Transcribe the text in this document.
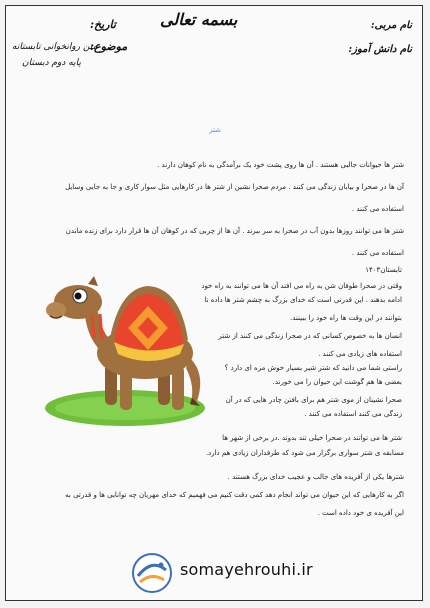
بسمه تعالی	نام مربی:
نام دانش آموز:
تاریخ:
موضوع:
متن روانخوانی تابستانه
پایه دوم دبستان
شتر
شتر ها حیوانات جالبی هستند . آن ها روی پشت خود یک برآمدگی به نام کوهان دارند .
آن ها در صحرا و بیابان زندگی می کنند . مردم صحرا نشین از شتر ها در کارهایی مثل سوار کاری و جا به جایی وسایل
استفاده می کنند .
شتر ها می توانند روزها بدون آب در صحرا به سر ببرند . آن ها از چربی که در کوهان آن ها قرار دارد برای زنده ماندن
استفاده می کنند .
تابستان۱۴۰۳
وقتی در صحرا طوفان شن به راه می افتد آن ها می توانند به راه خود
ادامه بدهند . این قدرتی است که خدای بزرگ به چشم شتر ها داده تا
بتوانند در این وقت ها راه خود را ببینند.
انسان ها به خصوص کسانی که در صحرا زندگی می کنند از شتر
استفاده های زیادی می کنند .
راستی شما می دانید که شتر شیر بسیار خوش مزه ای دارد ؟
بعضی ها هم گوشت این حیوان را می خورند.
صحرا نشینان از موی شتر هم برای بافتن چادر هایی که در آن
زندگی می کنند استفاده می کنند .
شتر ها می توانند در صحرا خیلی تند بدوند .در برخی از شهر ها
مسابقه ی شتر سواری برگزار می شود که طرفداران زیادی هم دارد.
شترها یکی از آفریده های جالب و عجیب خدای بزرگ هستند .
اگر به کارهایی که این حیوان می تواند انجام دهد کمی دقت کنیم می فهمیم که خدای مهربان چه توانایی ها و قدرتی به
این آفریده ی خود داده است .
somayehrouhi.ir
